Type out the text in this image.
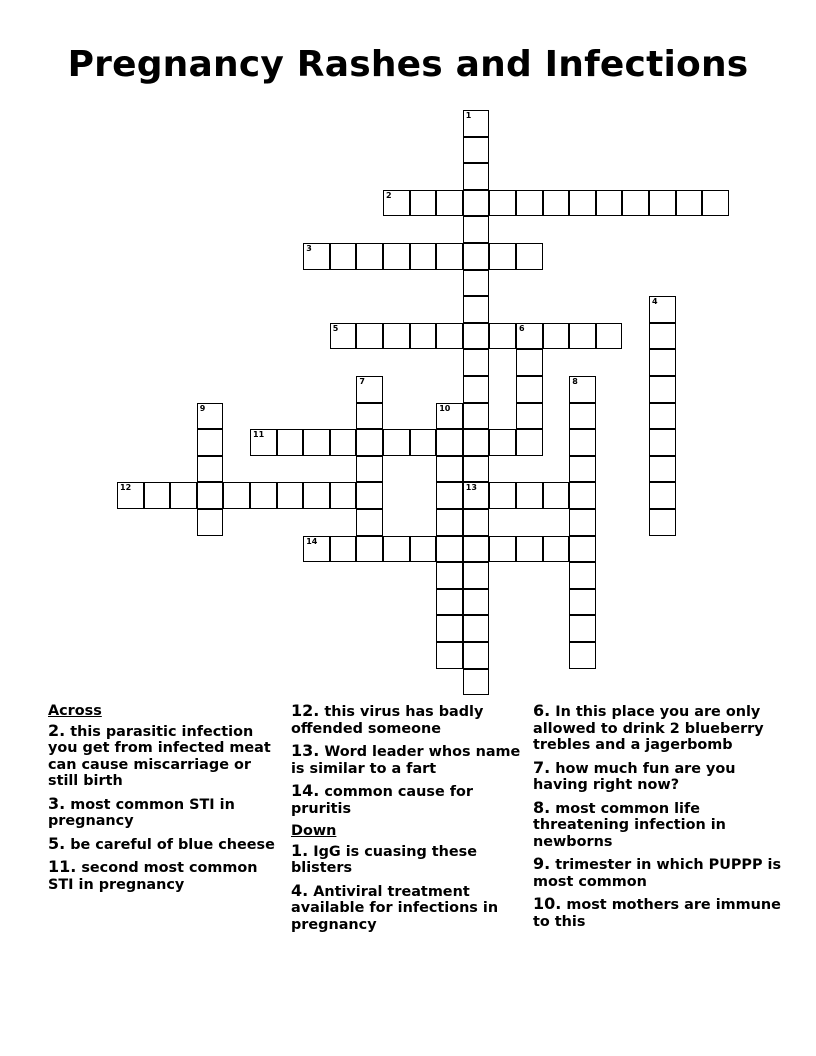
Pregnancy Rashes and Infections
1
13
2
3
4
5	6
7	8
9	10
11
12
14
Across
2. this parasitic infection you get from infected meat can cause miscarriage or still birth
3. most common STI in pregnancy
5. be careful of blue cheese
11. second most common STI in pregnancy
12. this virus has badly offended someone
13. Word leader whos name is similar to a fart
14. common cause for pruritis
Down
1. IgG is cuasing these blisters
4. Antiviral treatment available for infections in pregnancy
6. In this place you are only allowed to drink 2 blueberry trebles and a jagerbomb
7. how much fun are you having right now?
8. most common life threatening infection in newborns
9. trimester in which PUPPP is most common
10. most mothers are immune to this
